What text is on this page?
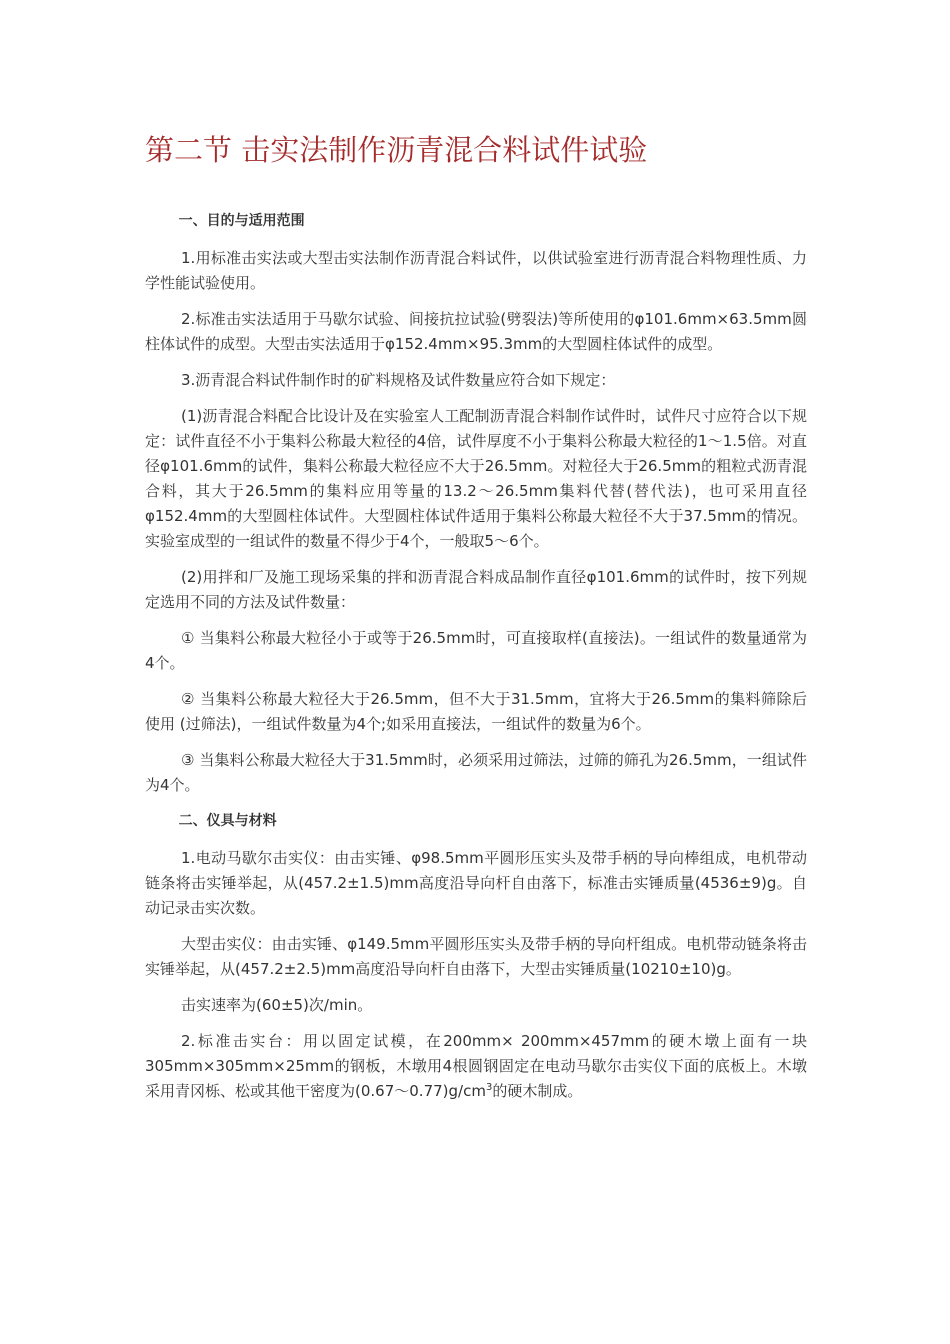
第二节 击实法制作沥青混合料试件试验

一、目的与适用范围

1.用标准击实法或大型击实法制作沥青混合料试件，以供试验室进行沥青混合料物理性质、力学性能试验使用。

2.标准击实法适用于马歇尔试验、间接抗拉试验(劈裂法)等所使用的φ101.6mm×63.5mm圆柱体试件的成型。大型击实法适用于φ152.4mm×95.3mm的大型圆柱体试件的成型。

3.沥青混合料试件制作时的矿料规格及试件数量应符合如下规定：

(1)沥青混合料配合比设计及在实验室人工配制沥青混合料制作试件时，试件尺寸应符合以下规定：试件直径不小于集料公称最大粒径的4倍，试件厚度不小于集料公称最大粒径的1～1.5倍。对直径φ101.6mm的试件，集料公称最大粒径应不大于26.5mm。对粒径大于26.5mm的粗粒式沥青混合料，其大于26.5mm的集料应用等量的13.2～26.5mm集料代替(替代法)，也可采用直径φ152.4mm的大型圆柱体试件。大型圆柱体试件适用于集料公称最大粒径不大于37.5mm的情况。实验室成型的一组试件的数量不得少于4个，一般取5～6个。

(2)用拌和厂及施工现场采集的拌和沥青混合料成品制作直径φ101.6mm的试件时，按下列规定选用不同的方法及试件数量：

① 当集料公称最大粒径小于或等于26.5mm时，可直接取样(直接法)。一组试件的数量通常为4个。

② 当集料公称最大粒径大于26.5mm，但不大于31.5mm，宜将大于26.5mm的集料筛除后使用 (过筛法)，一组试件数量为4个;如采用直接法，一组试件的数量为6个。

③ 当集料公称最大粒径大于31.5mm时，必须采用过筛法，过筛的筛孔为26.5mm，一组试件为4个。

二、仪具与材料

1.电动马歇尔击实仪：由击实锤、φ98.5mm平圆形压实头及带手柄的导向棒组成，电机带动链条将击实锤举起，从(457.2±1.5)mm高度沿导向杆自由落下，标准击实锤质量(4536±9)g。自动记录击实次数。

大型击实仪：由击实锤、φ149.5mm平圆形压实头及带手柄的导向杆组成。电机带动链条将击实锤举起，从(457.2±2.5)mm高度沿导向杆自由落下，大型击实锤质量(10210±10)g。

击实速率为(60±5)次/min。

2.标准击实台：用以固定试模，在200mm× 200mm×457mm的硬木墩上面有一块305mm×305mm×25mm的钢板，木墩用4根圆钢固定在电动马歇尔击实仪下面的底板上。木墩采用青冈栎、松或其他干密度为$(0.67\sim 0.77)g/cm^3$的硬木制成。
